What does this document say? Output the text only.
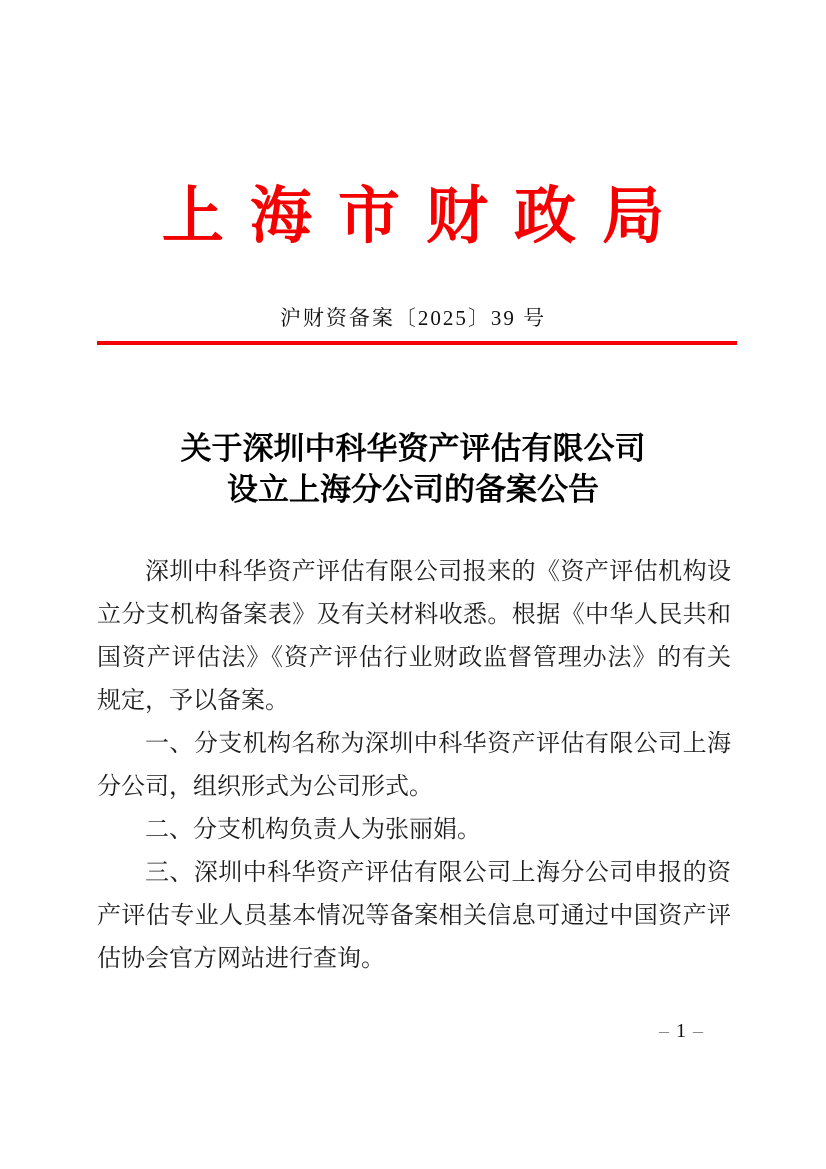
上海市财政局
沪财资备案〔2025〕39 号
关于深圳中科华资产评估有限公司
设立上海分公司的备案公告

深圳中科华资产评估有限公司报来的《资产评估机构设立分支机构备案表》及有关材料收悉。根据《中华人民共和国资产评估法》《资产评估行业财政监督管理办法》的有关规定，予以备案。

一、分支机构名称为深圳中科华资产评估有限公司上海分公司，组织形式为公司形式。

二、分支机构负责人为张丽娟。

三、深圳中科华资产评估有限公司上海分公司申报的资产评估专业人员基本情况等备案相关信息可通过中国资产评估协会官方网站进行查询。

– 1 –
